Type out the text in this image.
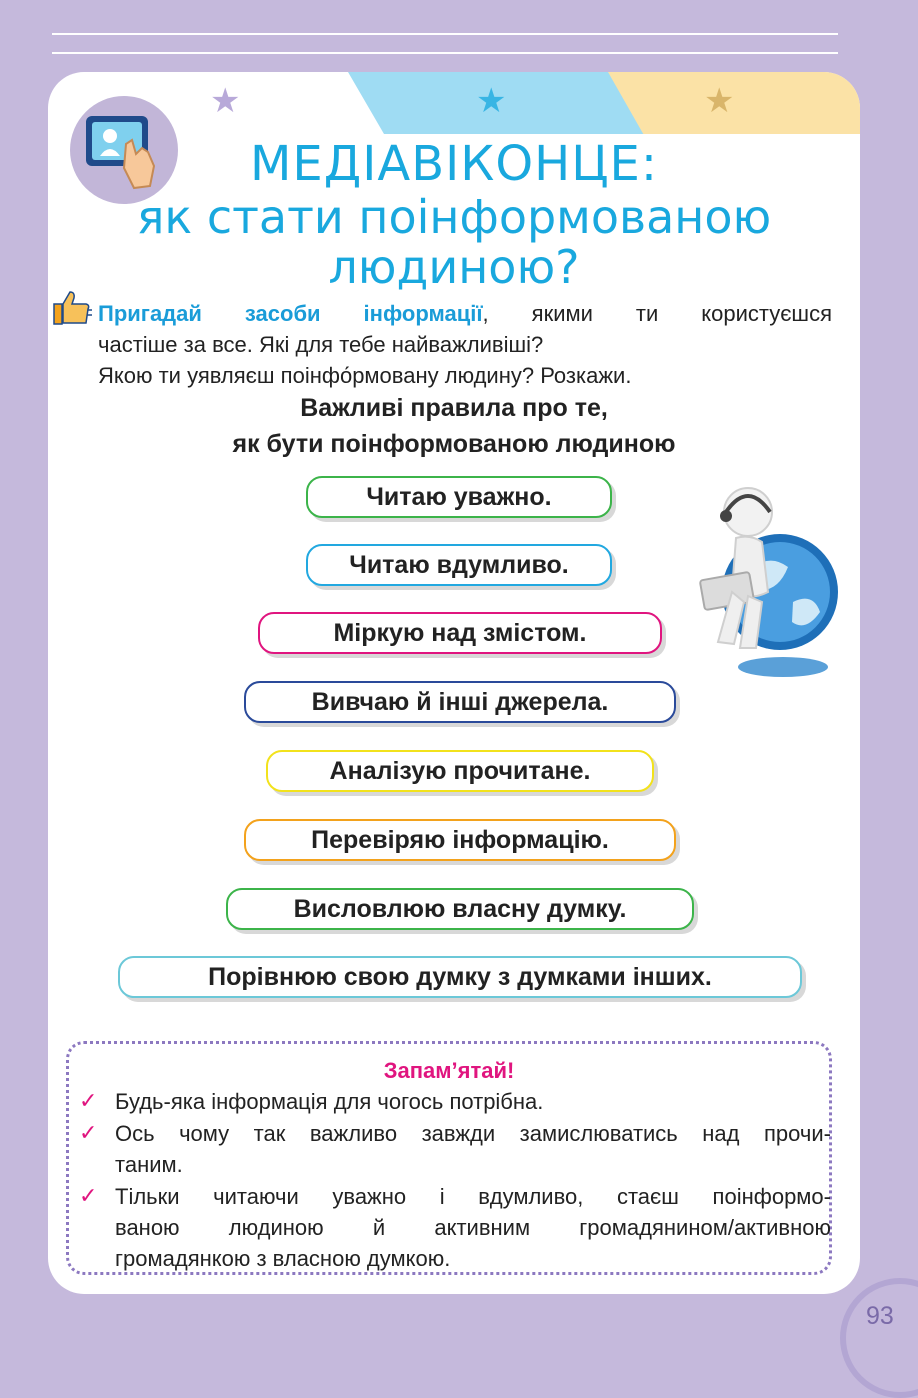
★	★	★
МЕДІАВІКОНЦЕ:
як стати поінформованою
людиною?

Пригадай засоби інформації, якими ти користуєшся

частіше за все. Які для тебе найважливіші?

Якою ти уявляєш поінфо́рмовану людину? Розкажи.

Важливі правила про те,
як бути поінформованою людиною
Читаю уважно.
Читаю вдумливо.
Міркую над змістом.
Вивчаю й інші джерела.
Аналізую прочитане.
Перевіряю інформацію.
Висловлюю власну думку.
Порівнюю свою думку з думками інших.
Запам’ятай!
✓ Будь-яка інформація для чогось потрібна.
✓ Ось чому так важливо завжди замислюватись над прочи-
таним.
✓ Тільки читаючи уважно і вдумливо, стаєш поінформо-
ваною людиною й активним громадянином/активною
громадянкою з власною думкою.
93
